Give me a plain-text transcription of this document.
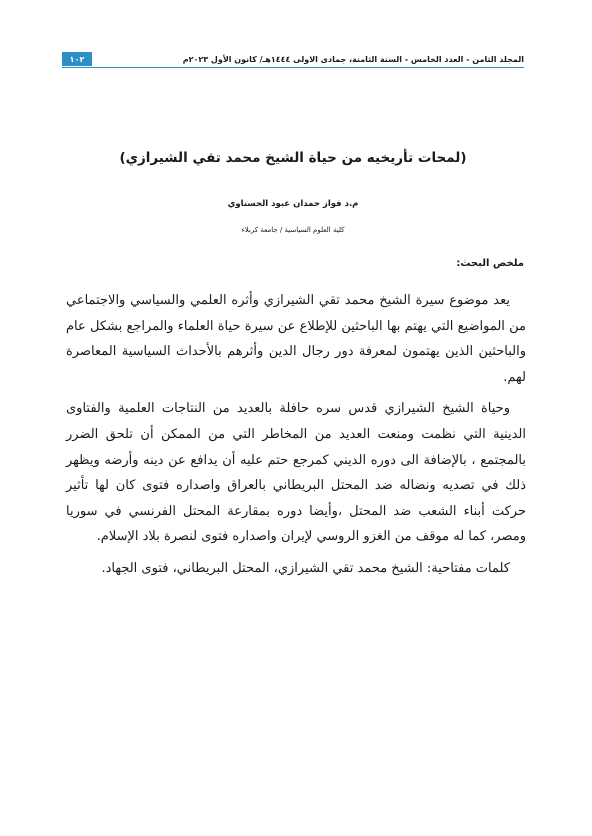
المجلد الثامن - العدد الخامس - السنة الثامنة، جمادى الاولى ١٤٤٤هـ/ كانون الأول ٢٠٢٣م
١٠٢
(لمحات تأريخيه من حياة الشيخ محمد تقي الشيرازي)
م.د فواز حمدان عبود الحسناوي
كلية العلوم السياسية / جامعة كربلاء
ملخص البحث:

يعد موضوع سيرة الشيخ محمد تقي الشيرازي وأثره العلمي والسياسي والاجتماعي من المواضيع التي يهتم بها الباحثين للإطلاع عن سيرة حياة العلماء والمراجع بشكل عام والباحثين الذين يهتمون لمعرفة دور رجال الدين وأثرهم بالأحداث السياسية المعاصرة لهم.

وحياة الشيخ الشيرازي قدس سره حافلة بالعديد من النتاجات العلمية والفتاوى الدينية التي نظمت ومنعت العديد من المخاطر التي من الممكن أن تلحق الضرر بالمجتمع ، بالإضافة الى دوره الديني كمرجع حتم عليه أن يدافع عن دينه وأرضه ويظهر ذلك في تصديه ونضاله ضد المحتل البريطاني بالعراق واصداره فتوى كان لها تأثير حركت أبناء الشعب ضد المحتل ،وأيضا دوره بمقارعة المحتل الفرنسي في سوريا ومصر، كما له موقف من الغزو الروسي لإيران واصداره فتوى لنصرة بلاد الإسلام.

كلمات مفتاحية: الشيخ محمد تقي الشيرازي، المحتل البريطاني، فتوى الجهاد.
